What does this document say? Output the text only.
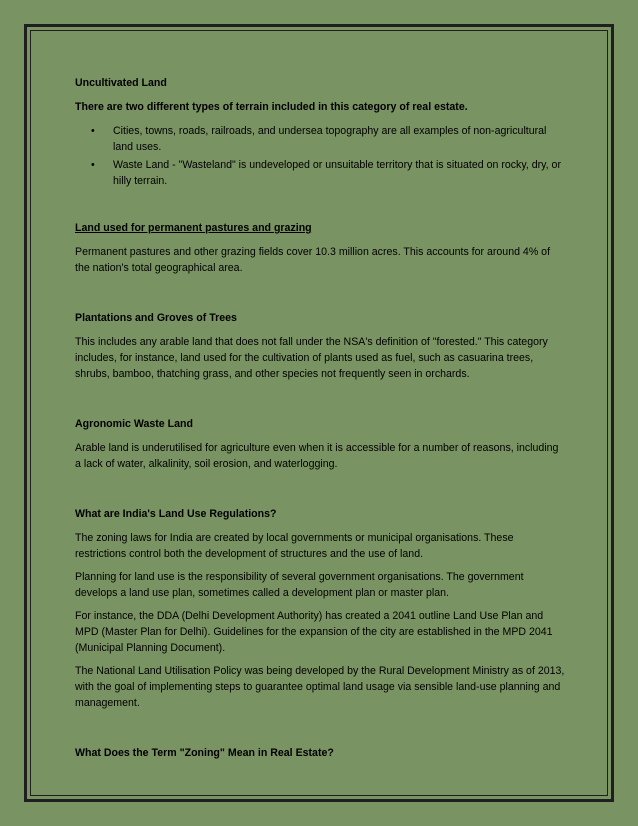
Uncultivated Land
There are two different types of terrain included in this category of real estate.
• Cities, towns, roads, railroads, and undersea topography are all examples of non-agricultural land uses.
• Waste Land - "Wasteland" is undeveloped or unsuitable territory that is situated on rocky, dry, or hilly terrain.
Land used for permanent pastures and grazing

Permanent pastures and other grazing fields cover 10.3 million acres. This accounts for around 4% of the nation's total geographical area.

Plantations and Groves of Trees

This includes any arable land that does not fall under the NSA's definition of "forested." This category includes, for instance, land used for the cultivation of plants used as fuel, such as casuarina trees, shrubs, bamboo, thatching grass, and other species not frequently seen in orchards.

Agronomic Waste Land

Arable land is underutilised for agriculture even when it is accessible for a number of reasons, including a lack of water, alkalinity, soil erosion, and waterlogging.

What are India's Land Use Regulations?

The zoning laws for India are created by local governments or municipal organisations. These restrictions control both the development of structures and the use of land.

Planning for land use is the responsibility of several government organisations. The government develops a land use plan, sometimes called a development plan or master plan.

For instance, the DDA (Delhi Development Authority) has created a 2041 outline Land Use Plan and MPD (Master Plan for Delhi). Guidelines for the expansion of the city are established in the MPD 2041 (Municipal Planning Document).

The National Land Utilisation Policy was being developed by the Rural Development Ministry as of 2013, with the goal of implementing steps to guarantee optimal land usage via sensible land-use planning and management.

What Does the Term "Zoning" Mean in Real Estate?
